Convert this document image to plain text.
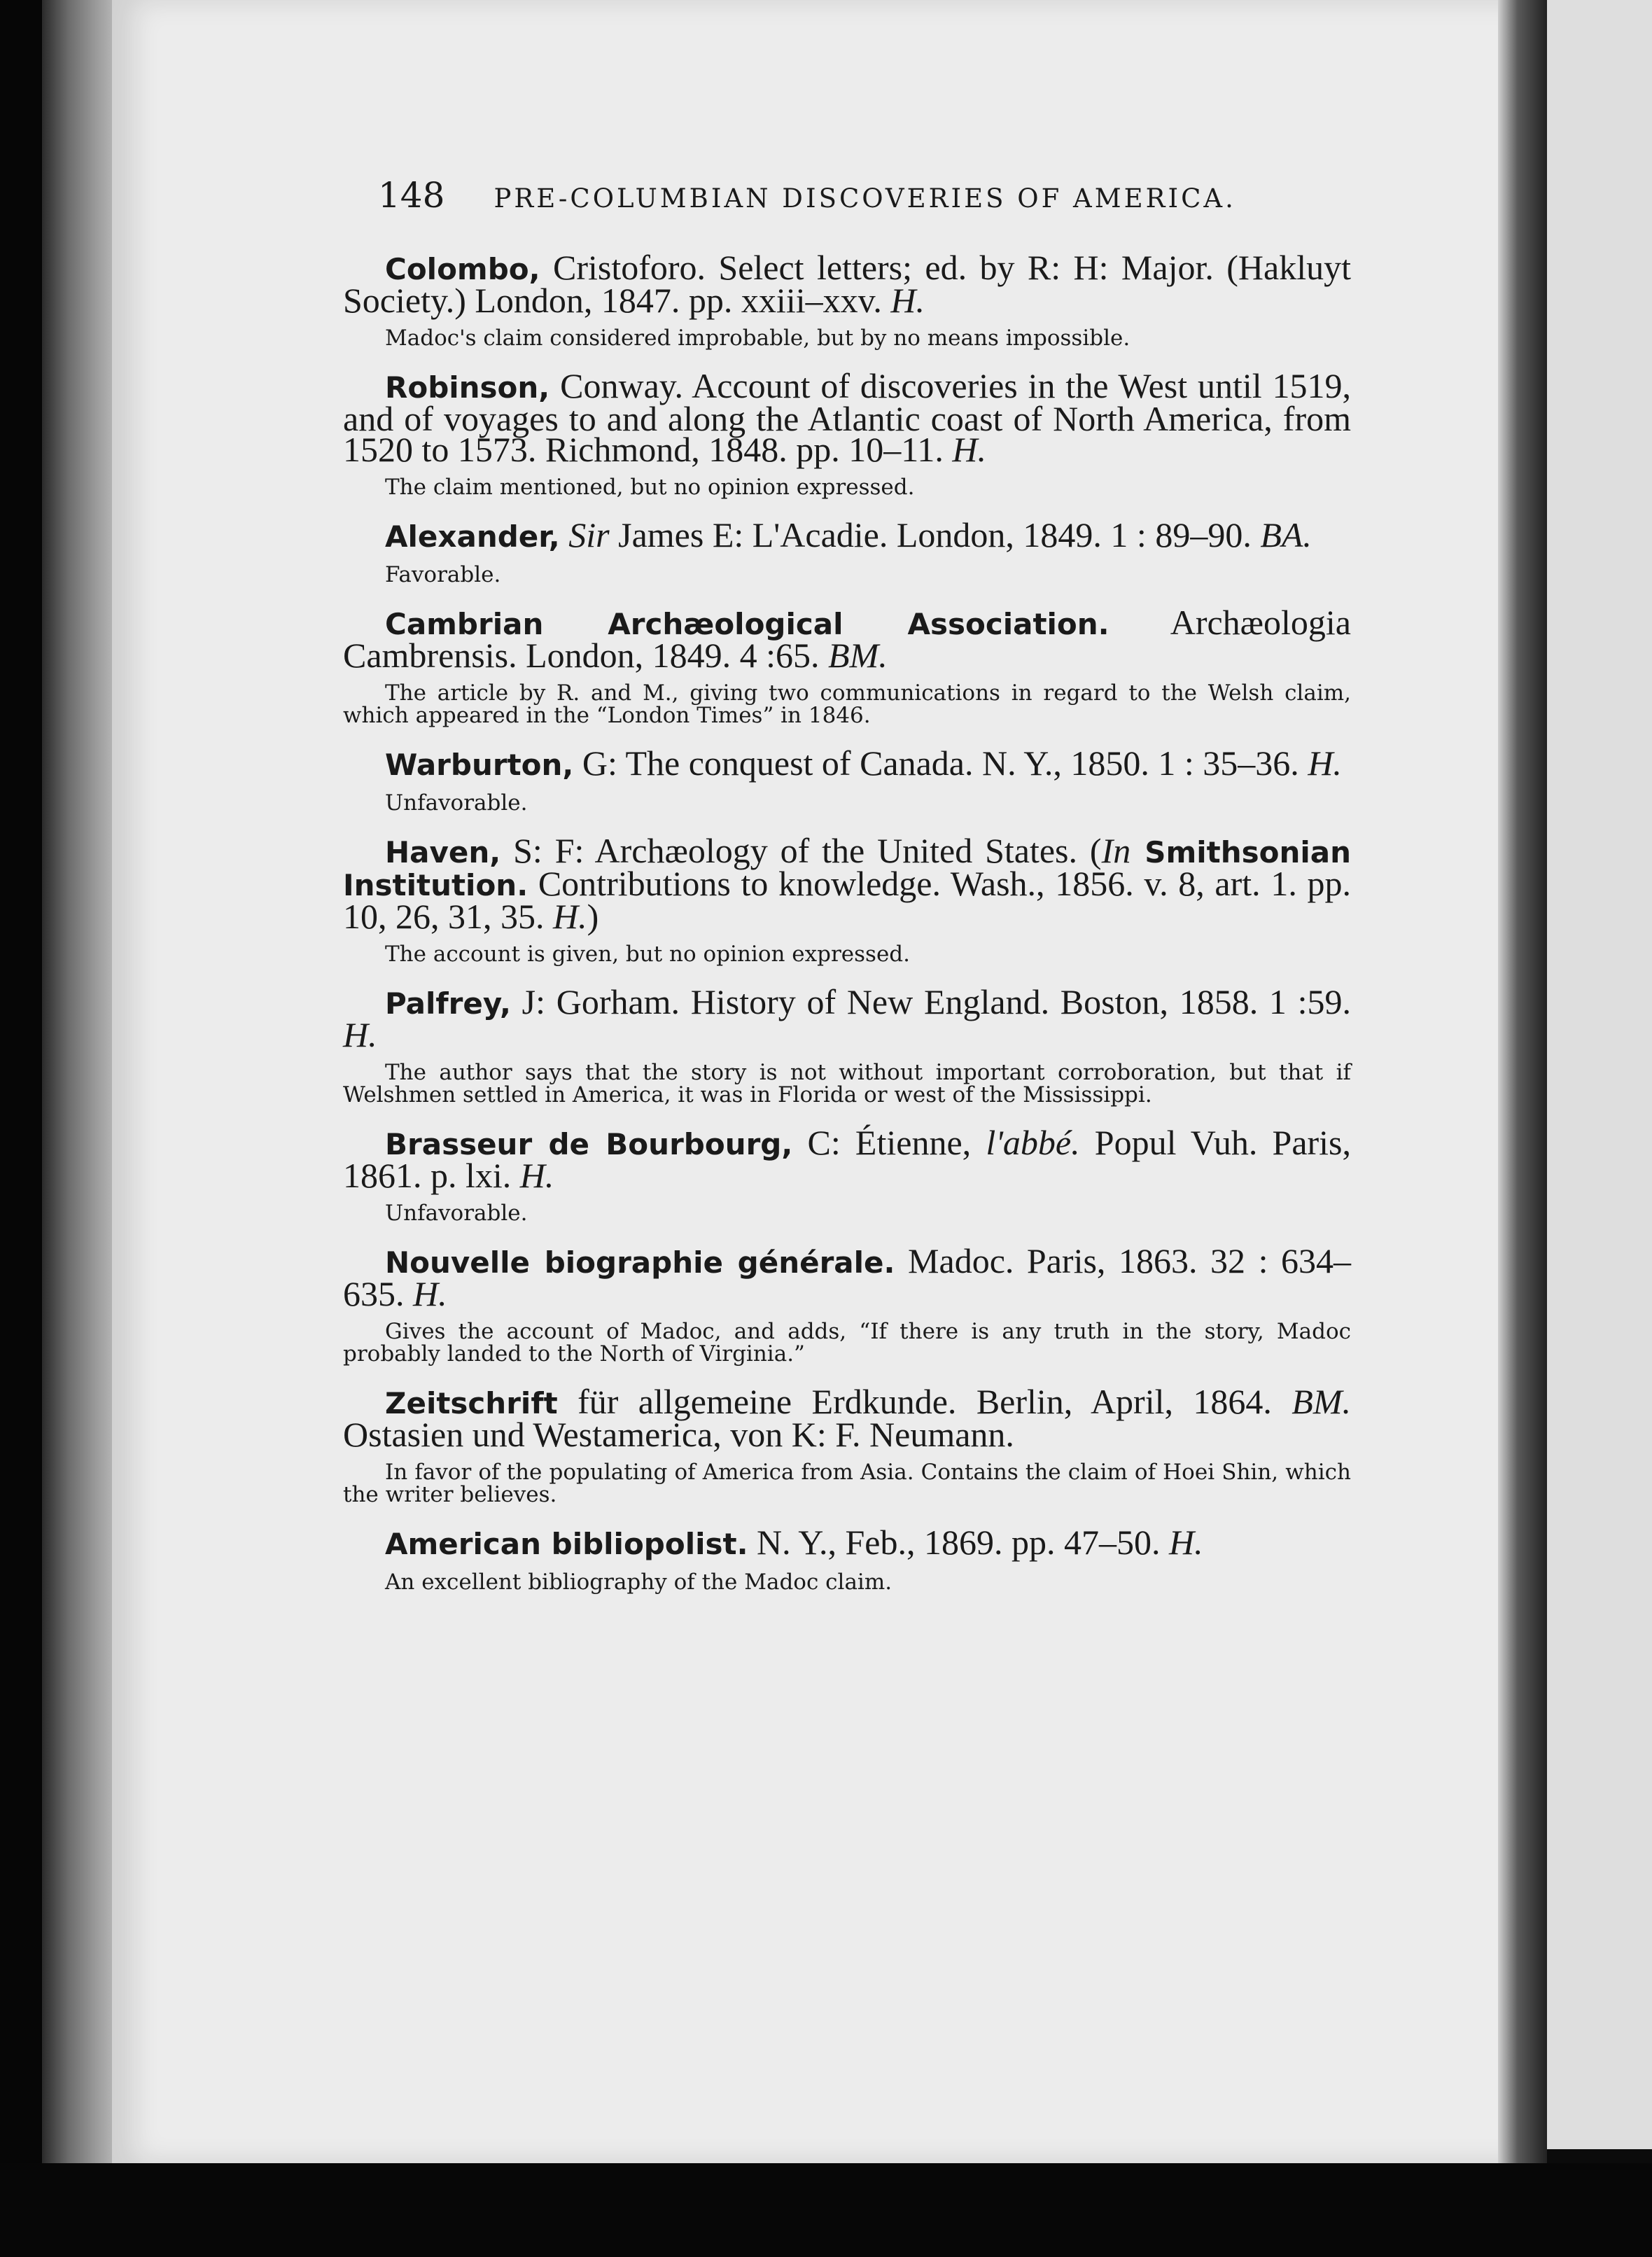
148 PRE-COLUMBIAN DISCOVERIES OF AMERICA.
Colombo, Cristoforo. Select letters; ed. by R: H: Major. (Hakluyt Society.) London, 1847. pp. xxiii–xxv. H.
Madoc's claim considered improbable, but by no means impossible.
Robinson, Conway. Account of discoveries in the West until 1519, and of voyages to and along the Atlantic coast of North America, from 1520 to 1573. Richmond, 1848. pp. 10–11. H.
The claim mentioned, but no opinion expressed.
Alexander, Sir James E: L'Acadie. London, 1849. 1 : 89–90. BA.
Favorable.
Cambrian Archæological Association. Archæologia Cambrensis. London, 1849. 4 :65. BM.
The article by R. and M., giving two communications in regard to the Welsh claim, which appeared in the “London Times” in 1846.
Warburton, G: The conquest of Canada. N. Y., 1850. 1 : 35–36. H.
Unfavorable.
Haven, S: F: Archæology of the United States. (In Smithsonian Institution. Contributions to knowledge. Wash., 1856. v. 8, art. 1. pp. 10, 26, 31, 35. H.)
The account is given, but no opinion expressed.
Palfrey, J: Gorham. History of New England. Boston, 1858. 1 :59. H.
The author says that the story is not without important corroboration, but that if Welshmen settled in America, it was in Florida or west of the Mississippi.
Brasseur de Bourbourg, C: Étienne, l'abbé. Popul Vuh. Paris, 1861. p. lxi. H.
Unfavorable.
Nouvelle biographie générale. Madoc. Paris, 1863. 32 : 634–635. H.
Gives the account of Madoc, and adds, “If there is any truth in the story, Madoc probably landed to the North of Virginia.”
Zeitschrift für allgemeine Erdkunde. Berlin, April, 1864. BM. Ostasien und Westamerica, von K: F. Neumann.
In favor of the populating of America from Asia. Contains the claim of Hoei Shin, which the writer believes.
American bibliopolist. N. Y., Feb., 1869. pp. 47–50. H.
An excellent bibliography of the Madoc claim.
